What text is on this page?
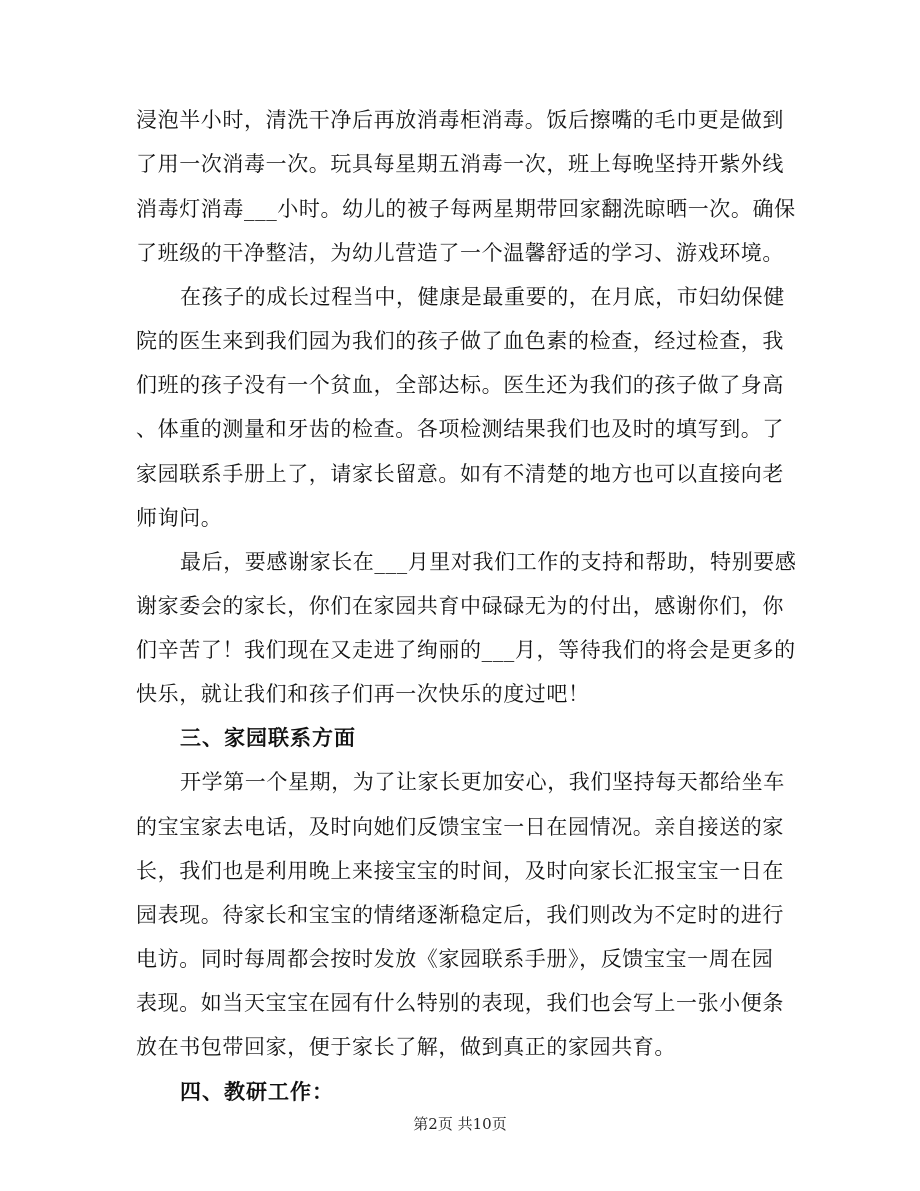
浸泡半小时，清洗干净后再放消毒柜消毒。饭后擦嘴的毛巾更是做到
了用一次消毒一次。玩具每星期五消毒一次，班上每晚坚持开紫外线
消毒灯消毒___小时。幼儿的被子每两星期带回家翻洗晾晒一次。确保
了班级的干净整洁，为幼儿营造了一个温馨舒适的学习、游戏环境。
在孩子的成长过程当中，健康是最重要的，在月底，市妇幼保健
院的医生来到我们园为我们的孩子做了血色素的检查，经过检查，我
们班的孩子没有一个贫血，全部达标。医生还为我们的孩子做了身高
、体重的测量和牙齿的检查。各项检测结果我们也及时的填写到。了
家园联系手册上了，请家长留意。如有不清楚的地方也可以直接向老
师询问。
最后，要感谢家长在___月里对我们工作的支持和帮助，特别要感
谢家委会的家长，你们在家园共育中碌碌无为的付出，感谢你们，你
们辛苦了！我们现在又走进了绚丽的___月，等待我们的将会是更多的
快乐，就让我们和孩子们再一次快乐的度过吧！
三、家园联系方面
开学第一个星期，为了让家长更加安心，我们坚持每天都给坐车
的宝宝家去电话，及时向她们反馈宝宝一日在园情况。亲自接送的家
长，我们也是利用晚上来接宝宝的时间，及时向家长汇报宝宝一日在
园表现。待家长和宝宝的情绪逐渐稳定后，我们则改为不定时的进行
电访。同时每周都会按时发放《家园联系手册》，反馈宝宝一周在园
表现。如当天宝宝在园有什么特别的表现，我们也会写上一张小便条
放在书包带回家，便于家长了解，做到真正的家园共育。
四、教研工作：
第2页 共10页
